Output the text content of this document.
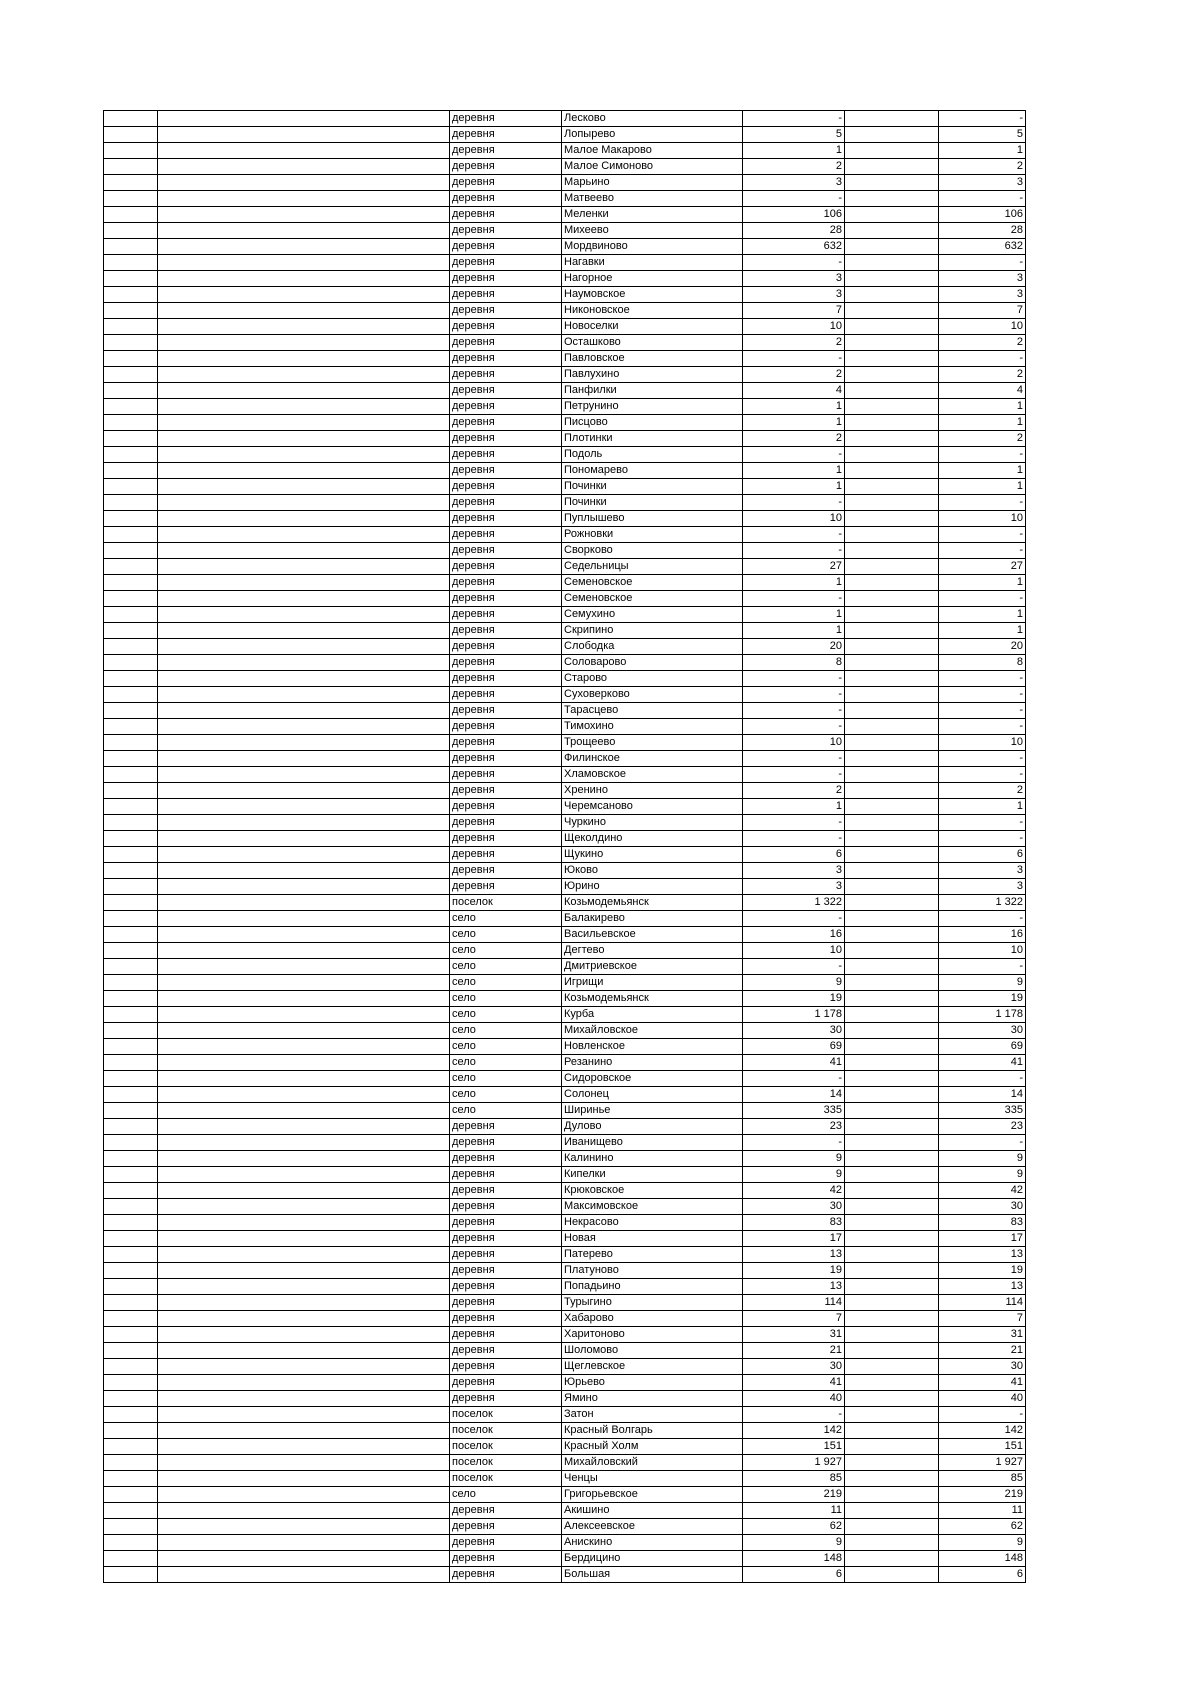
		деревня	Лесково	-		-
		деревня	Лопырево	5		5
		деревня	Малое Макарово	1		1
		деревня	Малое Симоново	2		2
		деревня	Марьино	3		3
		деревня	Матвеево	-		-
		деревня	Меленки	106		106
		деревня	Михеево	28		28
		деревня	Мордвиново	632		632
		деревня	Нагавки	-		-
		деревня	Нагорное	3		3
		деревня	Наумовское	3		3
		деревня	Никоновское	7		7
		деревня	Новоселки	10		10
		деревня	Осташково	2		2
		деревня	Павловское	-		-
		деревня	Павлухино	2		2
		деревня	Панфилки	4		4
		деревня	Петрунино	1		1
		деревня	Писцово	1		1
		деревня	Плотинки	2		2
		деревня	Подоль	-		-
		деревня	Пономарево	1		1
		деревня	Починки	1		1
		деревня	Починки	-		-
		деревня	Пуплышево	10		10
		деревня	Рожновки	-		-
		деревня	Сворково	-		-
		деревня	Седельницы	27		27
		деревня	Семеновское	1		1
		деревня	Семеновское	-		-
		деревня	Семухино	1		1
		деревня	Скрипино	1		1
		деревня	Слободка	20		20
		деревня	Соловарово	8		8
		деревня	Старово	-		-
		деревня	Суховерково	-		-
		деревня	Тарасцево	-		-
		деревня	Тимохино	-		-
		деревня	Трощеево	10		10
		деревня	Филинское	-		-
		деревня	Хламовское	-		-
		деревня	Хренино	2		2
		деревня	Черемсаново	1		1
		деревня	Чуркино	-		-
		деревня	Щеколдино	-		-
		деревня	Щукино	6		6
		деревня	Юково	3		3
		деревня	Юрино	3		3
		поселок	Козьмодемьянск	1 322		1 322
		село	Балакирево	-		-
		село	Васильевское	16		16
		село	Дегтево	10		10
		село	Дмитриевское	-		-
		село	Игрищи	9		9
		село	Козьмодемьянск	19		19
		село	Курба	1 178		1 178
		село	Михайловское	30		30
		село	Новленское	69		69
		село	Резанино	41		41
		село	Сидоровское	-		-
		село	Солонец	14		14
		село	Ширинье	335		335
		деревня	Дулово	23		23
		деревня	Иванищево	-		-
		деревня	Калинино	9		9
		деревня	Кипелки	9		9
		деревня	Крюковское	42		42
		деревня	Максимовское	30		30
		деревня	Некрасово	83		83
		деревня	Новая	17		17
		деревня	Патерево	13		13
		деревня	Платуново	19		19
		деревня	Попадьино	13		13
		деревня	Турыгино	114		114
		деревня	Хабарово	7		7
		деревня	Харитоново	31		31
		деревня	Шоломово	21		21
		деревня	Щеглевское	30		30
		деревня	Юрьево	41		41
		деревня	Ямино	40		40
		поселок	Затон	-		-
		поселок	Красный Волгарь	142		142
		поселок	Красный Холм	151		151
		поселок	Михайловский	1 927		1 927
		поселок	Ченцы	85		85
		село	Григорьевское	219		219
		деревня	Акишино	11		11
		деревня	Алексеевское	62		62
		деревня	Анискино	9		9
		деревня	Бердицино	148		148
		деревня	Большая	6		6
